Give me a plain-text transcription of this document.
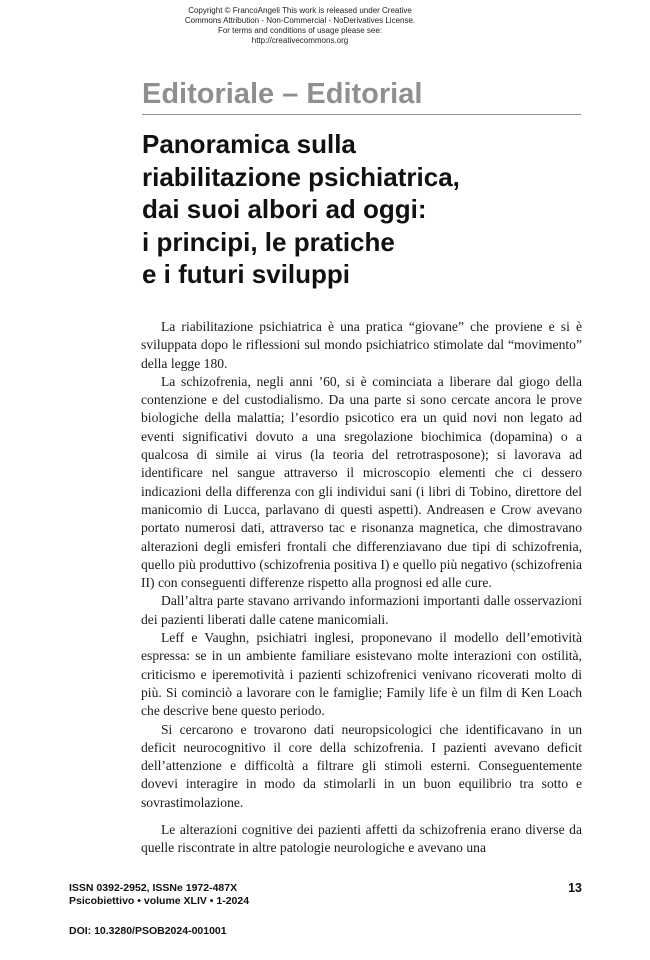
Copyright © FrancoAngeli This work is released under Creative
Commons Attribution - Non-Commercial - NoDerivatives License.
For terms and conditions of usage please see:
http://creativecommons.org
Editoriale – Editorial
Panoramica sulla
riabilitazione psichiatrica,
dai suoi albori ad oggi:
i principi, le pratiche
e i futuri sviluppi

La riabilitazione psichiatrica è una pratica “giovane” che proviene e si è sviluppata dopo le riflessioni sul mondo psichiatrico stimolate dal “movimento” della legge 180.

La schizofrenia, negli anni ’60, si è cominciata a liberare dal giogo della contenzione e del custodialismo. Da una parte si sono cercate ancora le prove biologiche della malattia; l’esordio psicotico era un quid novi non legato ad eventi significativi dovuto a una sregolazione biochimica (dopamina) o a qualcosa di simile ai virus (la teoria del retrotrasposone); si lavorava ad identificare nel sangue attraverso il microscopio elementi che ci dessero indicazioni della differenza con gli individui sani (i libri di Tobino, direttore del manicomio di Lucca, parlavano di questi aspetti). Andreasen e Crow avevano portato numerosi dati, attraverso tac e risonanza magnetica, che dimostravano alterazioni degli emisferi frontali che differenziavano due tipi di schizofrenia, quello più produttivo (schizofrenia positiva I) e quello più negativo (schizofrenia II) con conseguenti differenze rispetto alla prognosi ed alle cure.

Dall’altra parte stavano arrivando informazioni importanti dalle osservazioni dei pazienti liberati dalle catene manicomiali.

Leff e Vaughn, psichiatri inglesi, proponevano il modello dell’emotività espressa: se in un ambiente familiare esistevano molte interazioni con ostilità, criticismo e iperemotività i pazienti schizofrenici venivano ricoverati molto di più. Si cominciò a lavorare con le famiglie; Family life è un film di Ken Loach che descrive bene questo periodo.

Si cercarono e trovarono dati neuropsicologici che identificavano in un deficit neurocognitivo il core della schizofrenia. I pazienti avevano deficit dell’attenzione e difficoltà a filtrare gli stimoli esterni. Conseguentemente dovevi interagire in modo da stimolarli in un buon equilibrio tra sotto e sovrastimolazione.

Le alterazioni cognitive dei pazienti affetti da schizofrenia erano diverse da quelle riscontrate in altre patologie neurologiche e avevano una

ISSN 0392-2952, ISSNe 1972-487X
Psicobiettivo • volume XLIV • 1-2024
13
DOI: 10.3280/PSOB2024-001001
